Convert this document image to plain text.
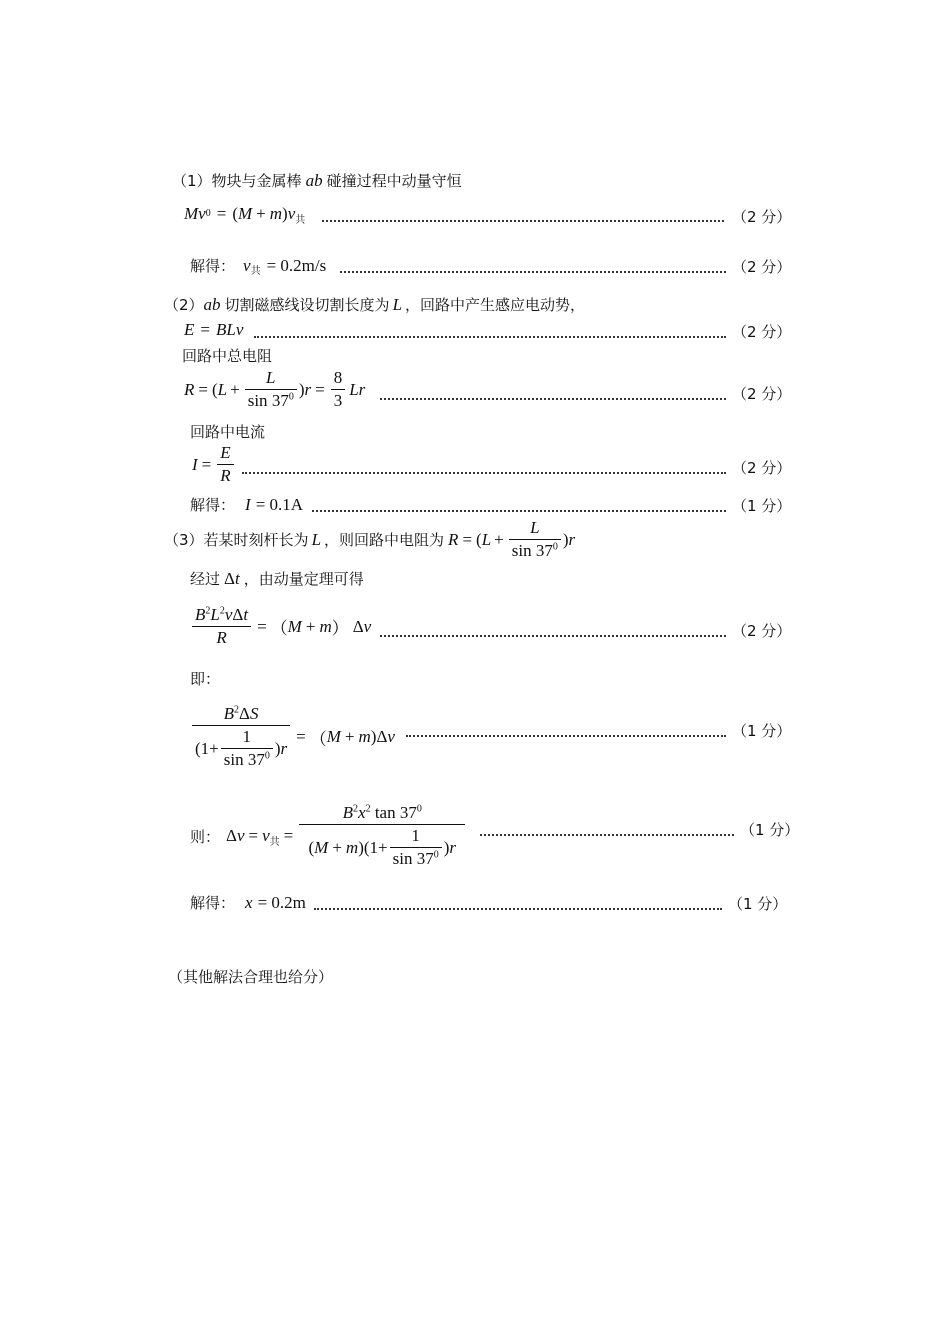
（1） 物块与金属棒 ab 碰撞过程中动量守恒
M v 0 = ( M + m ) v 共	（2 分）
解得： v 共 = 0.2m/s	（2 分）
（2） ab 切割磁感线设切割长度为 L ，回路中产生感应电动势，
E = BLv	（2 分）
回路中总电阻
R = ( $L + \frac{L}{\sin 37^0}$ ) $r = \frac{8}{3}$ Lr	（2 分）
回路中电流
$I = \frac{E}{R}$	（2 分）
解得： I = 0.1A	（1 分）
（3） 若某时刻杆长为 L ，则回路中电阻为 R = ( $L + \frac{L}{\sin 37^0}$ ) r
经过 Δt ，由动量定理可得
$\frac{B^2L^2v\Delta t}{R}$ = （ M + m ） Δv	（2 分）
即：
$\frac{B^2\Delta S}{(1+ \frac{1}{\sin 37^0} ) r}$ = （ M + m )Δ v	（1 分）
则： Δv = v 共 =
$B^2x^2$ $\tan 37^0$
( M + m )($1+ \frac{1}{\sin 37^0}$ ) r
（1 分）
解得： x = 0.2m	（1 分）
（其他解法合理也给分）
